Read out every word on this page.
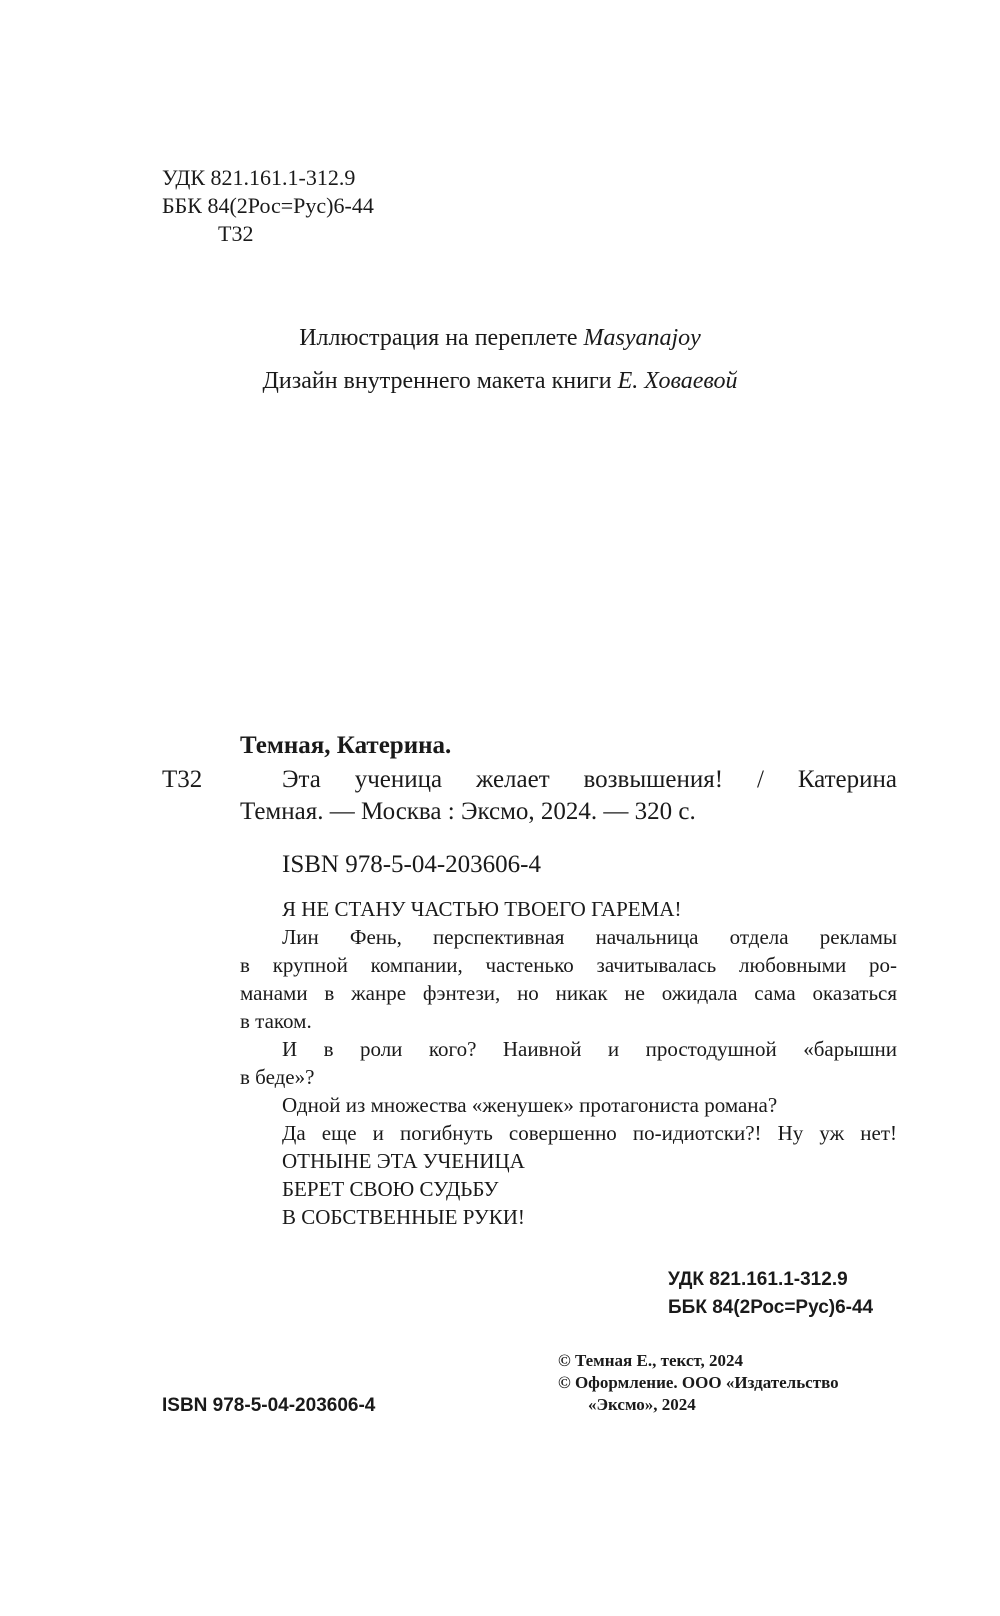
УДК 821.161.1-312.9
ББК 84(2Рос=Рус)6-44
Т32
Иллюстрация на переплете Masyanajoy
Дизайн внутреннего макета книги Е. Ховаевой
Темная, Катерина.
Т32	Эта ученица желает возвышения! / Катерина
Темная. — Москва : Эксмо, 2024. — 320 с.
ISBN 978-5-04-203606-4
Я НЕ СТАНУ ЧАСТЬЮ ТВОЕГО ГАРЕМА!
Лин Фень, перспективная начальница отдела рекламы
в крупной компании, частенько зачитывалась любовными ро-
манами в жанре фэнтези, но никак не ожидала сама оказаться
в таком.
И в роли кого? Наивной и простодушной «барышни
в беде»?
Одной из множества «женушек» протагониста романа?
Да еще и погибнуть совершенно по-идиотски?! Ну уж нет!
ОТНЫНЕ ЭТА УЧЕНИЦА
БЕРЕТ СВОЮ СУДЬБУ
В СОБСТВЕННЫЕ РУКИ!
УДК 821.161.1-312.9
ББК 84(2Рос=Рус)6-44
© Темная Е., текст, 2024
© Оформление. ООО «Издательство
«Эксмо», 2024
ISBN 978-5-04-203606-4
